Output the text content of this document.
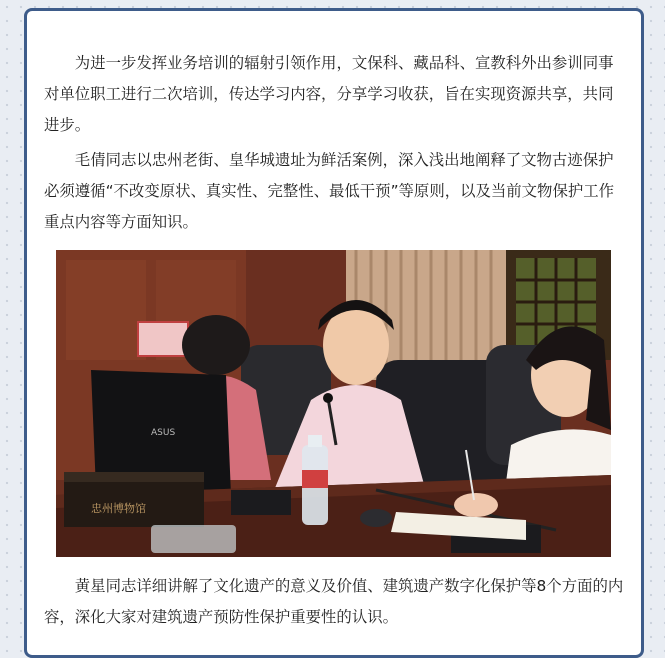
为进一步发挥业务培训的辐射引领作用，文保科、藏品科、宣教科外出参训同事对单位职工进行二次培训，传达学习内容，分享学习收获，旨在实现资源共享，共同进步。

毛倩同志以忠州老街、皇华城遗址为鲜活案例，深入浅出地阐释了文物古迹保护必须遵循“不改变原状、真实性、完整性、最低干预”等原则，以及当前文物保护工作重点内容等方面知识。

ASUS
忠州博物馆

黄星同志详细讲解了文化遗产的意义及价值、建筑遗产数字化保护等8个方面的内容，深化大家对建筑遗产预防性保护重要性的认识。
